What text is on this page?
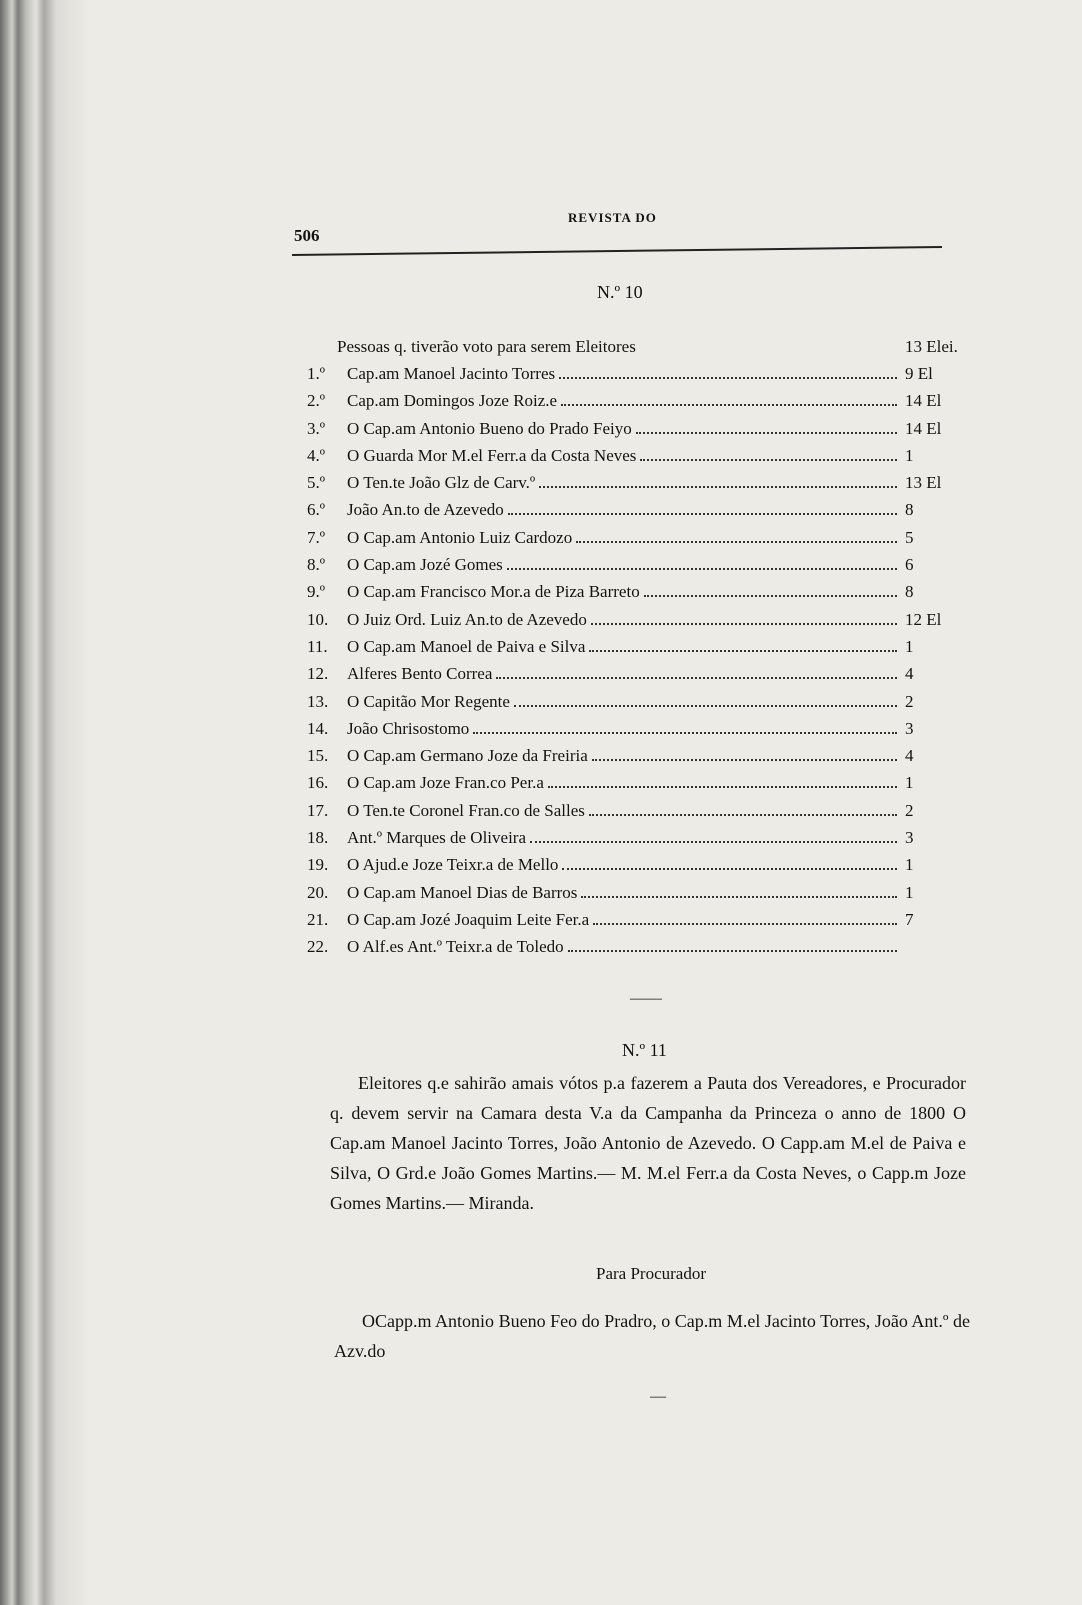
506
REVISTA DO
N.º 10
Pessoas q. tiverão voto para serem Eleitores	13 Elei.
1.º	Cap.am Manoel Jacinto Torres	9 El
2.º	Cap.am Domingos Joze Roiz.e	14 El
3.º	O Cap.am Antonio Bueno do Prado Feiyo	14 El
4.º	O Guarda Mor M.el Ferr.a da Costa Neves	1
5.º	O Ten.te João Glz de Carv.º	13 El
6.º	João An.to de Azevedo	8
7.º	O Cap.am Antonio Luiz Cardozo	5
8.º	O Cap.am Jozé Gomes	6
9.º	O Cap.am Francisco Mor.a de Piza Barreto	8
10.	O Juiz Ord. Luiz An.to de Azevedo	12 El
11.	O Cap.am Manoel de Paiva e Silva	1
12.	Alferes Bento Correa	4
13.	O Capitão Mor Regente	2
14.	João Chrisostomo	3
15.	O Cap.am Germano Joze da Freiria	4
16.	O Cap.am Joze Fran.co Per.a	1
17.	O Ten.te Coronel Fran.co de Salles	2
18.	Ant.º Marques de Oliveira	3
19.	O Ajud.e Joze Teixr.a de Mello	1
20.	O Cap.am Manoel Dias de Barros	1
21.	O Cap.am Jozé Joaquim Leite Fer.a	7
22.	O Alf.es Ant.º Teixr.a de Toledo
——
N.º 11
Eleitores q.e sahirão amais vótos p.a fazerem a Pauta dos Vereadores, e Procurador q. devem servir na Camara desta V.a da Campanha da Princeza o anno de 1800 O Cap.am Manoel Jacinto Torres, João Antonio de Azevedo. O Capp.am M.el de Paiva e Silva, O Grd.e João Gomes Martins.— M. M.el Ferr.a da Costa Neves, o Capp.m Joze Gomes Martins.— Miranda.
Para Procurador
OCapp.m Antonio Bueno Feo do Pradro, o Cap.m M.el Jacinto Torres, João Ant.º de Azv.do
—
